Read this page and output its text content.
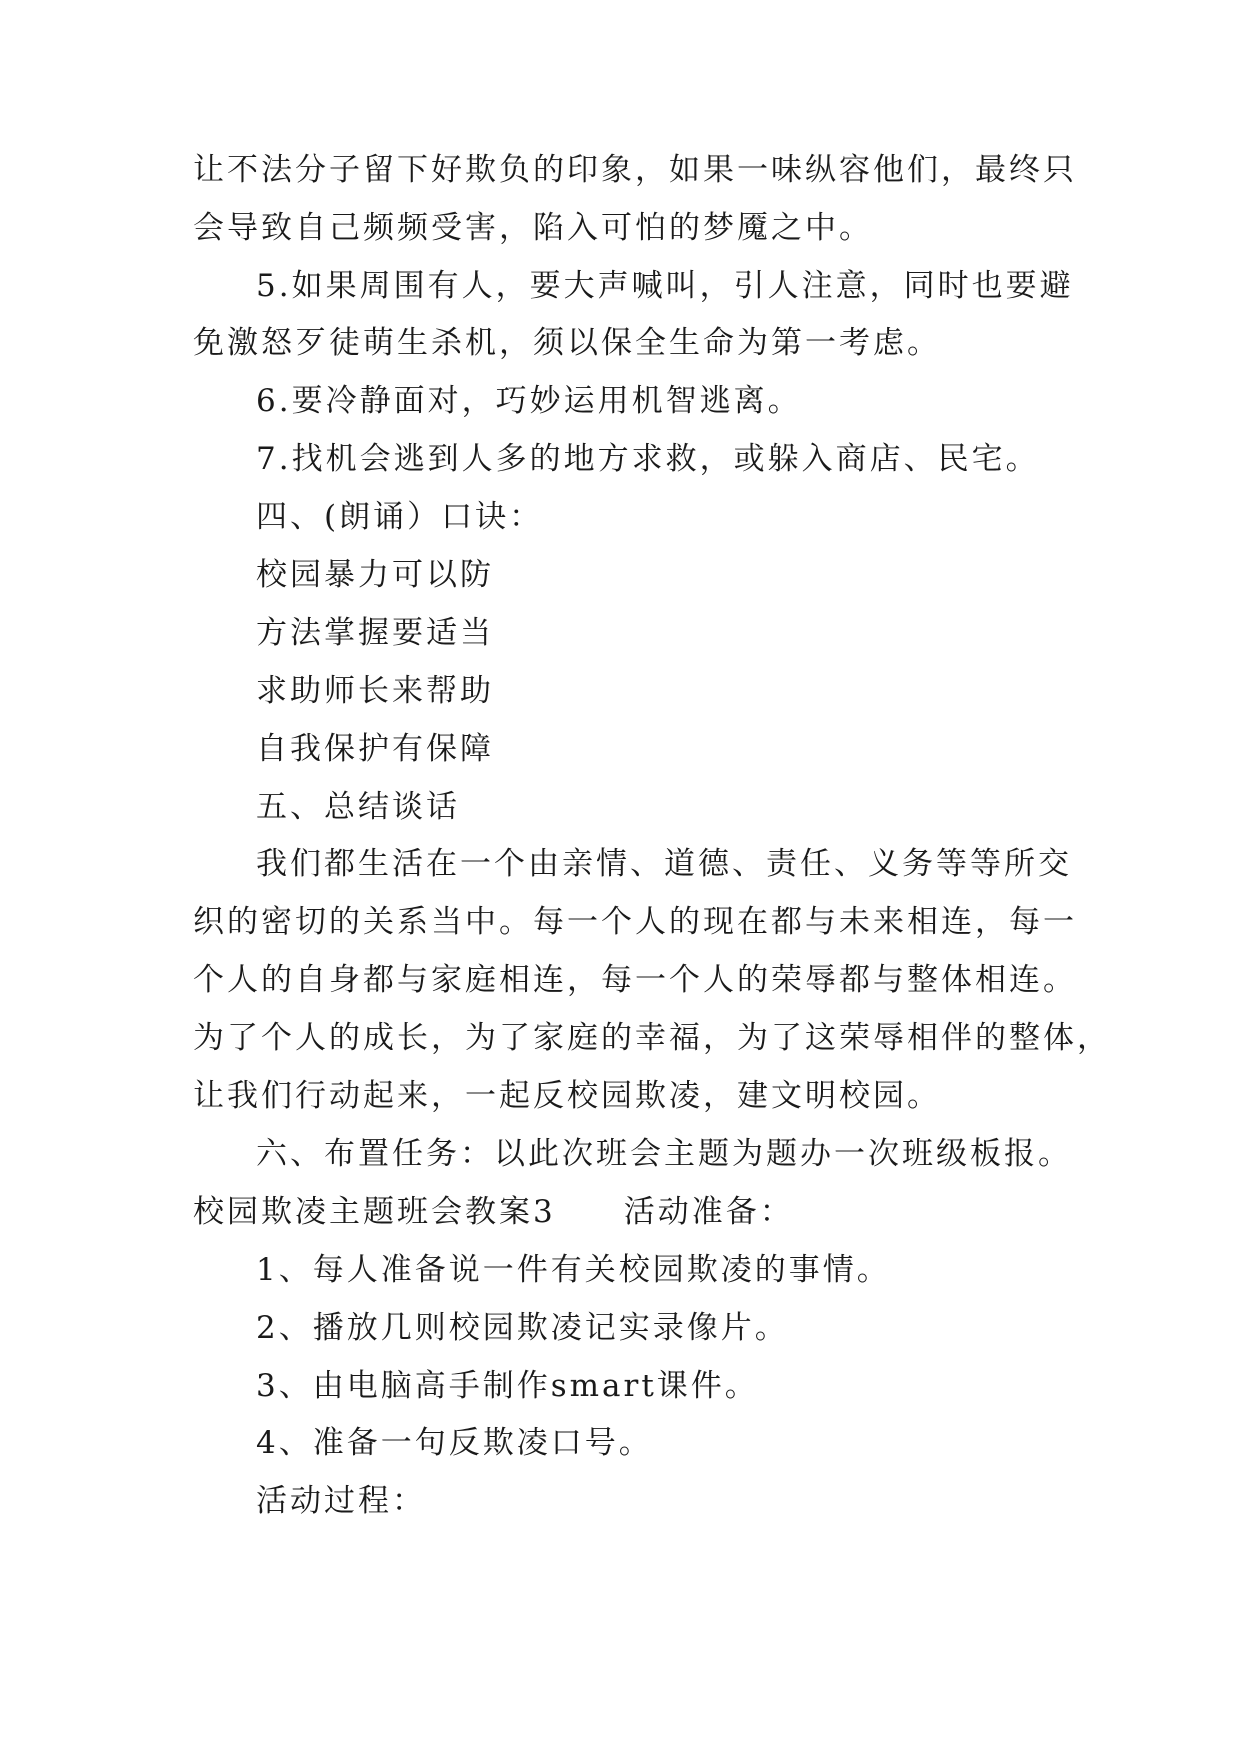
让不法分子留下好欺负的印象，如果一味纵容他们，最终只
会导致自己频频受害，陷入可怕的梦魇之中。
5.如果周围有人，要大声喊叫，引人注意，同时也要避
免激怒歹徒萌生杀机，须以保全生命为第一考虑。
6.要冷静面对，巧妙运用机智逃离。
7.找机会逃到人多的地方求救，或躲入商店、民宅。
四、(朗诵）口诀：
校园暴力可以防
方法掌握要适当
求助师长来帮助
自我保护有保障
五、总结谈话
我们都生活在一个由亲情、道德、责任、义务等等所交
织的密切的关系当中。每一个人的现在都与未来相连，每一
个人的自身都与家庭相连，每一个人的荣辱都与整体相连。
为了个人的成长，为了家庭的幸福，为了这荣辱相伴的整体，
让我们行动起来，一起反校园欺凌，建文明校园。
六、布置任务：以此次班会主题为题办一次班级板报。
校园欺凌主题班会教案3　　活动准备：
1、每人准备说一件有关校园欺凌的事情。
2、播放几则校园欺凌记实录像片。
3、由电脑高手制作smart课件。
4、准备一句反欺凌口号。
活动过程：
